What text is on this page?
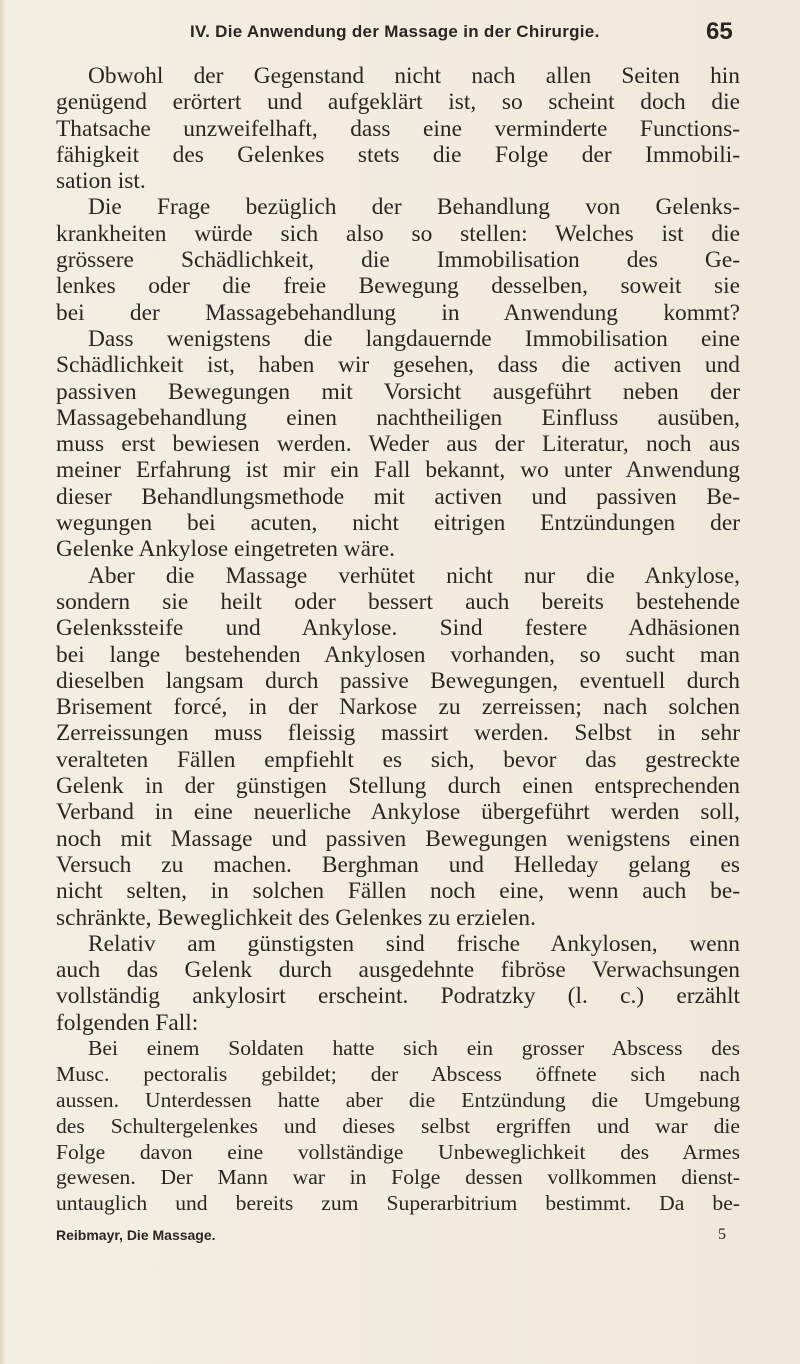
IV. Die Anwendung der Massage in der Chirurgie.	65
Obwohl der Gegenstand nicht nach allen Seiten hin
genügend erörtert und aufgeklärt ist, so scheint doch die
Thatsache unzweifelhaft, dass eine verminderte Functions-
fähigkeit des Gelenkes stets die Folge der Immobili-
sation ist.
Die Frage bezüglich der Behandlung von Gelenks-
krankheiten würde sich also so stellen: Welches ist die
grössere Schädlichkeit, die Immobilisation des Ge-
lenkes oder die freie Bewegung desselben, soweit sie
bei der Massagebehandlung in Anwendung kommt?
Dass wenigstens die langdauernde Immobilisation eine
Schädlichkeit ist, haben wir gesehen, dass die activen und
passiven Bewegungen mit Vorsicht ausgeführt neben der
Massagebehandlung einen nachtheiligen Einfluss ausüben,
muss erst bewiesen werden. Weder aus der Literatur, noch aus
meiner Erfahrung ist mir ein Fall bekannt, wo unter Anwendung
dieser Behandlungsmethode mit activen und passiven Be-
wegungen bei acuten, nicht eitrigen Entzündungen der
Gelenke Ankylose eingetreten wäre.
Aber die Massage verhütet nicht nur die Ankylose,
sondern sie heilt oder bessert auch bereits bestehende
Gelenkssteife und Ankylose. Sind festere Adhäsionen
bei lange bestehenden Ankylosen vorhanden, so sucht man
dieselben langsam durch passive Bewegungen, eventuell durch
Brisement forcé, in der Narkose zu zerreissen; nach solchen
Zerreissungen muss fleissig massirt werden. Selbst in sehr
veralteten Fällen empfiehlt es sich, bevor das gestreckte
Gelenk in der günstigen Stellung durch einen entsprechenden
Verband in eine neuerliche Ankylose übergeführt werden soll,
noch mit Massage und passiven Bewegungen wenigstens einen
Versuch zu machen. Berghman und Helleday gelang es
nicht selten, in solchen Fällen noch eine, wenn auch be-
schränkte, Beweglichkeit des Gelenkes zu erzielen.
Relativ am günstigsten sind frische Ankylosen, wenn
auch das Gelenk durch ausgedehnte fibröse Verwachsungen
vollständig ankylosirt erscheint. Podratzky (l. c.) erzählt
folgenden Fall:
Bei einem Soldaten hatte sich ein grosser Abscess des
Musc. pectoralis gebildet; der Abscess öffnete sich nach
aussen. Unterdessen hatte aber die Entzündung die Umgebung
des Schultergelenkes und dieses selbst ergriffen und war die
Folge davon eine vollständige Unbeweglichkeit des Armes
gewesen. Der Mann war in Folge dessen vollkommen dienst-
untauglich und bereits zum Superarbitrium bestimmt. Da be-
Reibmayr, Die Massage.	5
